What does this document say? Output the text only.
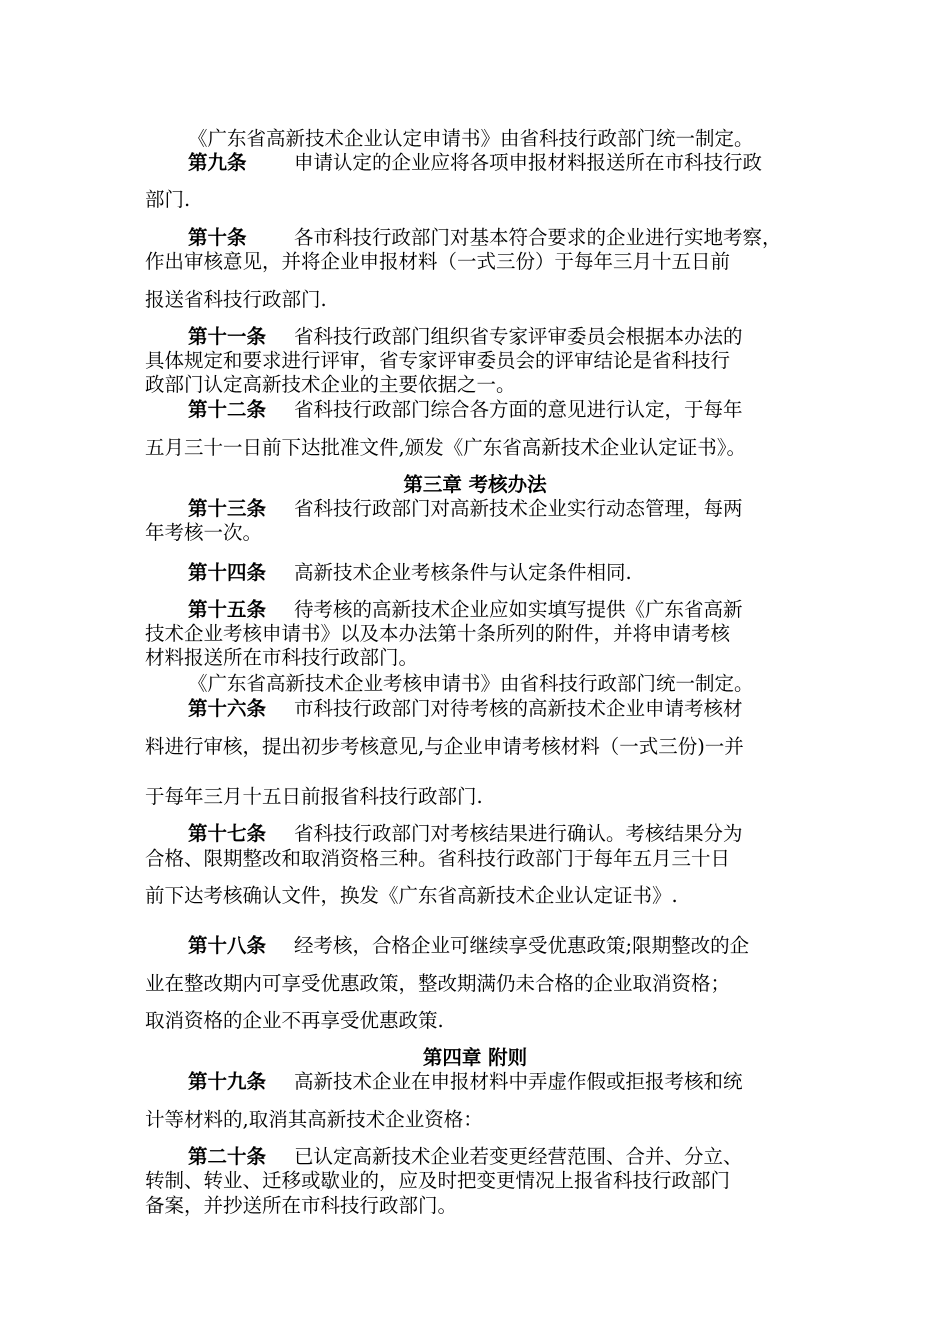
《广东省高新技术企业认定申请书》由省科技行政部门统一制定。
第九条 申请认定的企业应将各项申报材料报送所在市科技行政
部门.
第十条 各市科技行政部门对基本符合要求的企业进行实地考察，
作出审核意见，并将企业申报材料（一式三份）于每年三月十五日前
报送省科技行政部门.
第十一条 省科技行政部门组织省专家评审委员会根据本办法的
具体规定和要求进行评审，省专家评审委员会的评审结论是省科技行
政部门认定高新技术企业的主要依据之一。
第十二条 省科技行政部门综合各方面的意见进行认定，于每年
五月三十一日前下达批准文件,颁发《广东省高新技术企业认定证书》。
第三章 考核办法
第十三条 省科技行政部门对高新技术企业实行动态管理，每两
年考核一次。
第十四条 高新技术企业考核条件与认定条件相同.
第十五条 待考核的高新技术企业应如实填写提供《广东省高新
技术企业考核申请书》以及本办法第十条所列的附件，并将申请考核
材料报送所在市科技行政部门。
《广东省高新技术企业考核申请书》由省科技行政部门统一制定。
第十六条 市科技行政部门对待考核的高新技术企业申请考核材
料进行审核，提出初步考核意见,与企业申请考核材料（一式三份)一并
于每年三月十五日前报省科技行政部门.
第十七条 省科技行政部门对考核结果进行确认。考核结果分为
合格、限期整改和取消资格三种。省科技行政部门于每年五月三十日
前下达考核确认文件，换发《广东省高新技术企业认定证书》.
第十八条 经考核，合格企业可继续享受优惠政策;限期整改的企
业在整改期内可享受优惠政策，整改期满仍未合格的企业取消资格；
取消资格的企业不再享受优惠政策.
第四章 附则
第十九条 高新技术企业在申报材料中弄虚作假或拒报考核和统
计等材料的,取消其高新技术企业资格：
第二十条 已认定高新技术企业若变更经营范围、合并、分立、
转制、转业、迁移或歇业的，应及时把变更情况上报省科技行政部门
备案，并抄送所在市科技行政部门。
